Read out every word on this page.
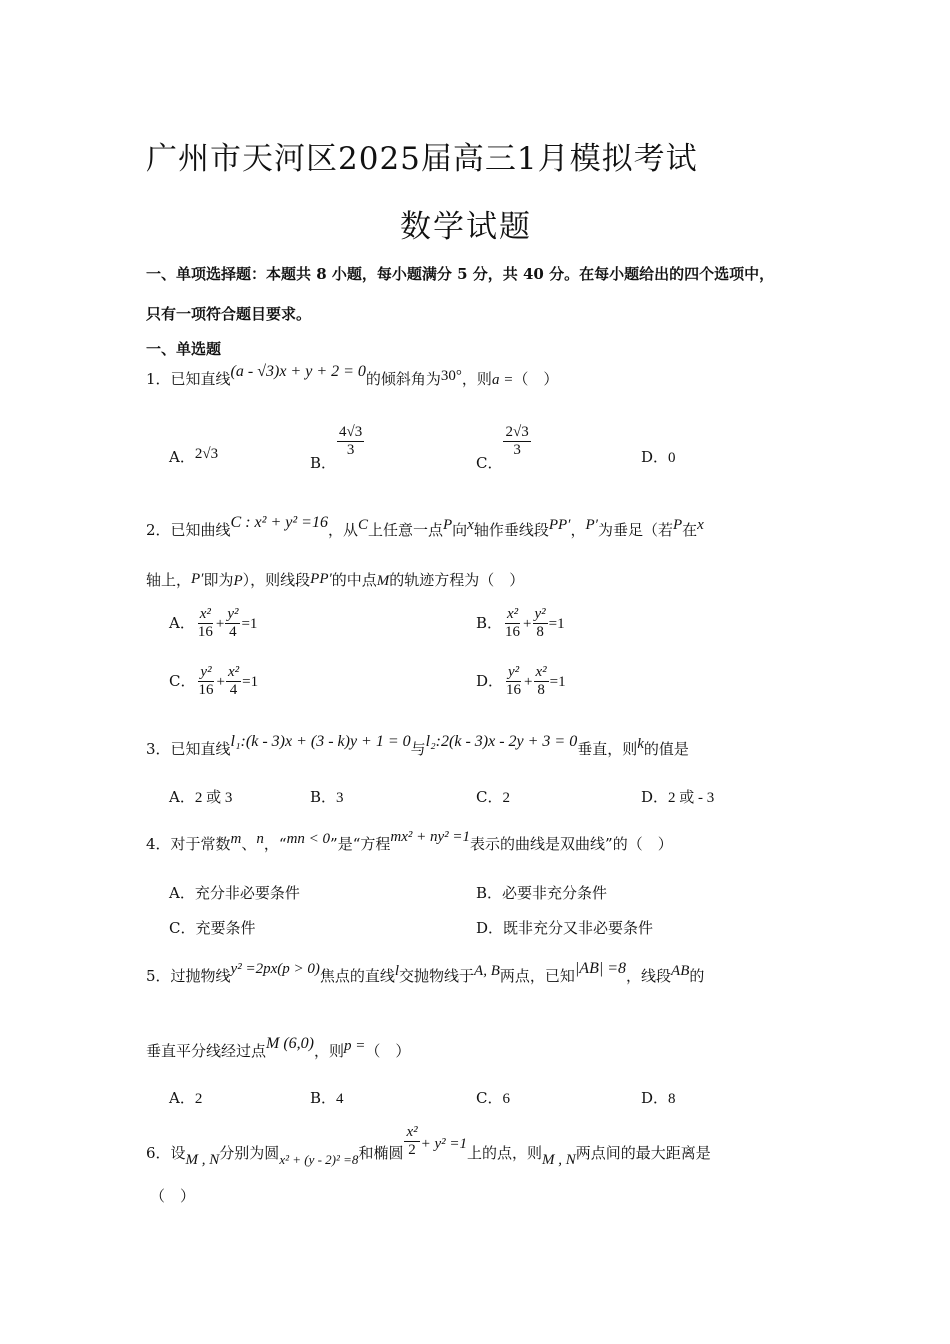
广州市天河区2025届高三1月模拟考试
数学试题
一、单项选择题：本题共 8 小题，每小题满分 5 分，共 40 分。在每小题给出的四个选项中，
只有一项符合题目要求。
一、单选题
1．已知直线(a - √3)x + y + 2 = 0的倾斜角为30°，则a =（　）
A．2√3	B．
$\frac{4√3}{3}$
C．
$\frac{2√3}{3}$	D．0
2．已知曲线C : x² + y² =16，从C上任意一点P向x轴作垂线段PP′，P′为垂足（若P在x
轴上，P′即为P），则线段PP′的中点M的轨迹方程为（　）
A． $\frac{\text{x²}}{16} + \frac{\text{y²}}{4} =1$	B． $\frac{\text{x²}}{16} + \frac{\text{y²}}{8} =1$
C． $\frac{\text{y²}}{16} + \frac{\text{x²}}{4} =1$	D． $\frac{\text{y²}}{16} + \frac{\text{x²}}{8} =1$
3．已知直线l₁:(k - 3)x + (3 - k)y + 1 = 0与l₂:2(k - 3)x - 2y + 3 = 0垂直，则k的值是
A．2 或 3	B．3	C．2	D．2 或 - 3
4．对于常数m、n，“mn < 0”是“方程mx² + ny² =1表示的曲线是双曲线”的（　）
A．充分非必要条件	B．必要非充分条件
C．充要条件	D．既非充分又非必要条件
5．过抛物线y² =2px(p > 0)焦点的直线l交抛物线于A, B两点，已知|AB| =8，线段AB的
垂直平分线经过点M (6,0)，则p =（　）
A．2	B．4	C．6	D．8
6．设M , N分别为圆x² + (y - 2)² =8和椭圆 $\frac{\text{x²}}{2} + y^2 =1$上的点，则M , N两点间的最大距离是
（　）
